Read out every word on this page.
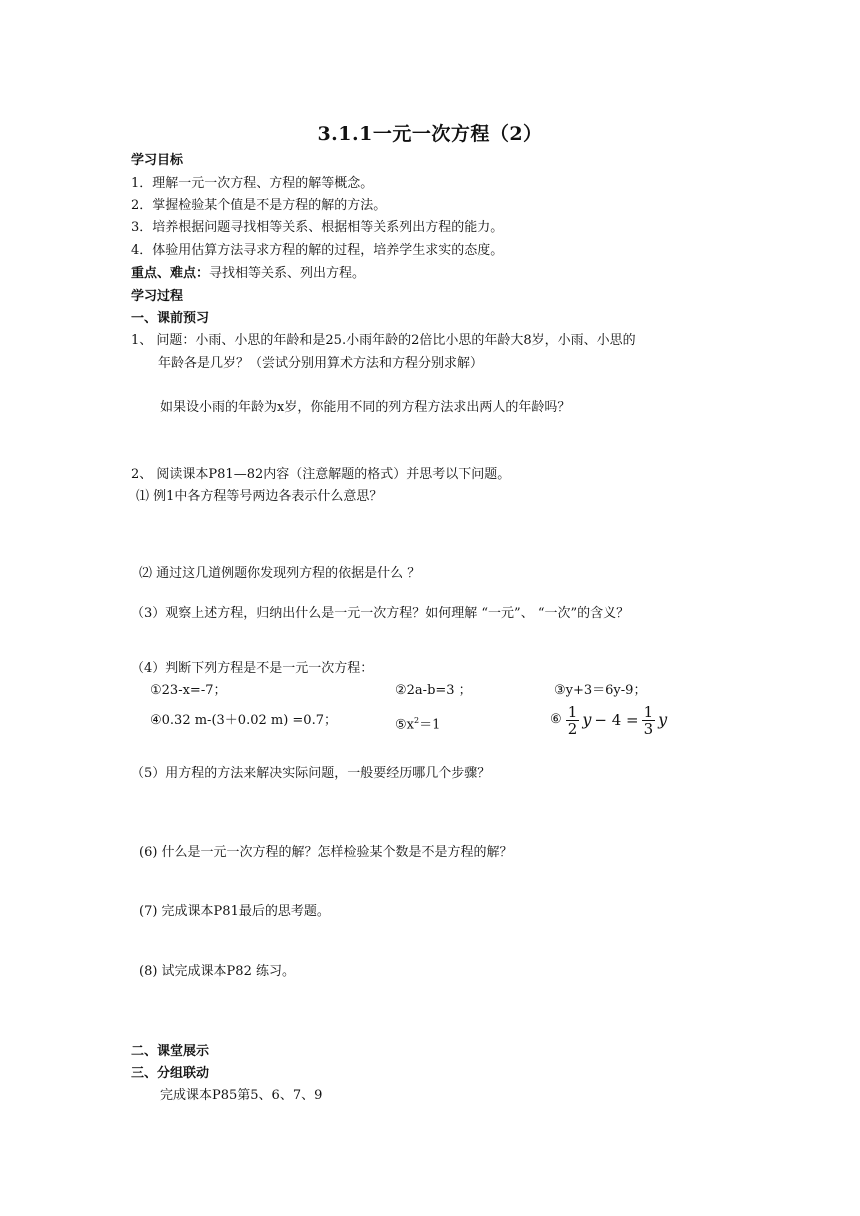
3.1.1一元一次方程（2）
学习目标
1．理解一元一次方程、方程的解等概念。
2．掌握检验某个值是不是方程的解的方法。
3．培养根据问题寻找相等关系、根据相等关系列出方程的能力。
4．体验用估算方法寻求方程的解的过程，培养学生求实的态度。
重点、难点：寻找相等关系、列出方程。
学习过程
一、课前预习
1、 问题：小雨、小思的年龄和是25.小雨年龄的2倍比小思的年龄大8岁，小雨、小思的
年龄各是几岁？（尝试分别用算术方法和方程分别求解）
如果设小雨的年龄为x岁，你能用不同的列方程方法求出两人的年龄吗？
2、 阅读课本P81—82内容（注意解题的格式）并思考以下问题。
⑴ 例1中各方程等号两边各表示什么意思？
⑵ 通过这几道例题你发现列方程的依据是什么 ？
（3）观察上述方程，归纳出什么是一元一次方程？如何理解 “一元”、 “一次”的含义？
（4）判断下列方程是不是一元一次方程：
①23-x=-7；	②2a-b=3 ；	③y+3＝6y-9；
④0.32 m-(3＋0.02 m) =0.7；	$⑤x^2=1$	⑥ $\frac{1}{2}$ $y - 4 = \frac{1}{3}$ y
（5）用方程的方法来解决实际问题，一般要经历哪几个步骤？
(6) 什么是一元一次方程的解？怎样检验某个数是不是方程的解？
(7) 完成课本P81最后的思考题。
(8) 试完成课本P82 练习。
二、课堂展示
三、分组联动
完成课本P85第5、6、7、9
